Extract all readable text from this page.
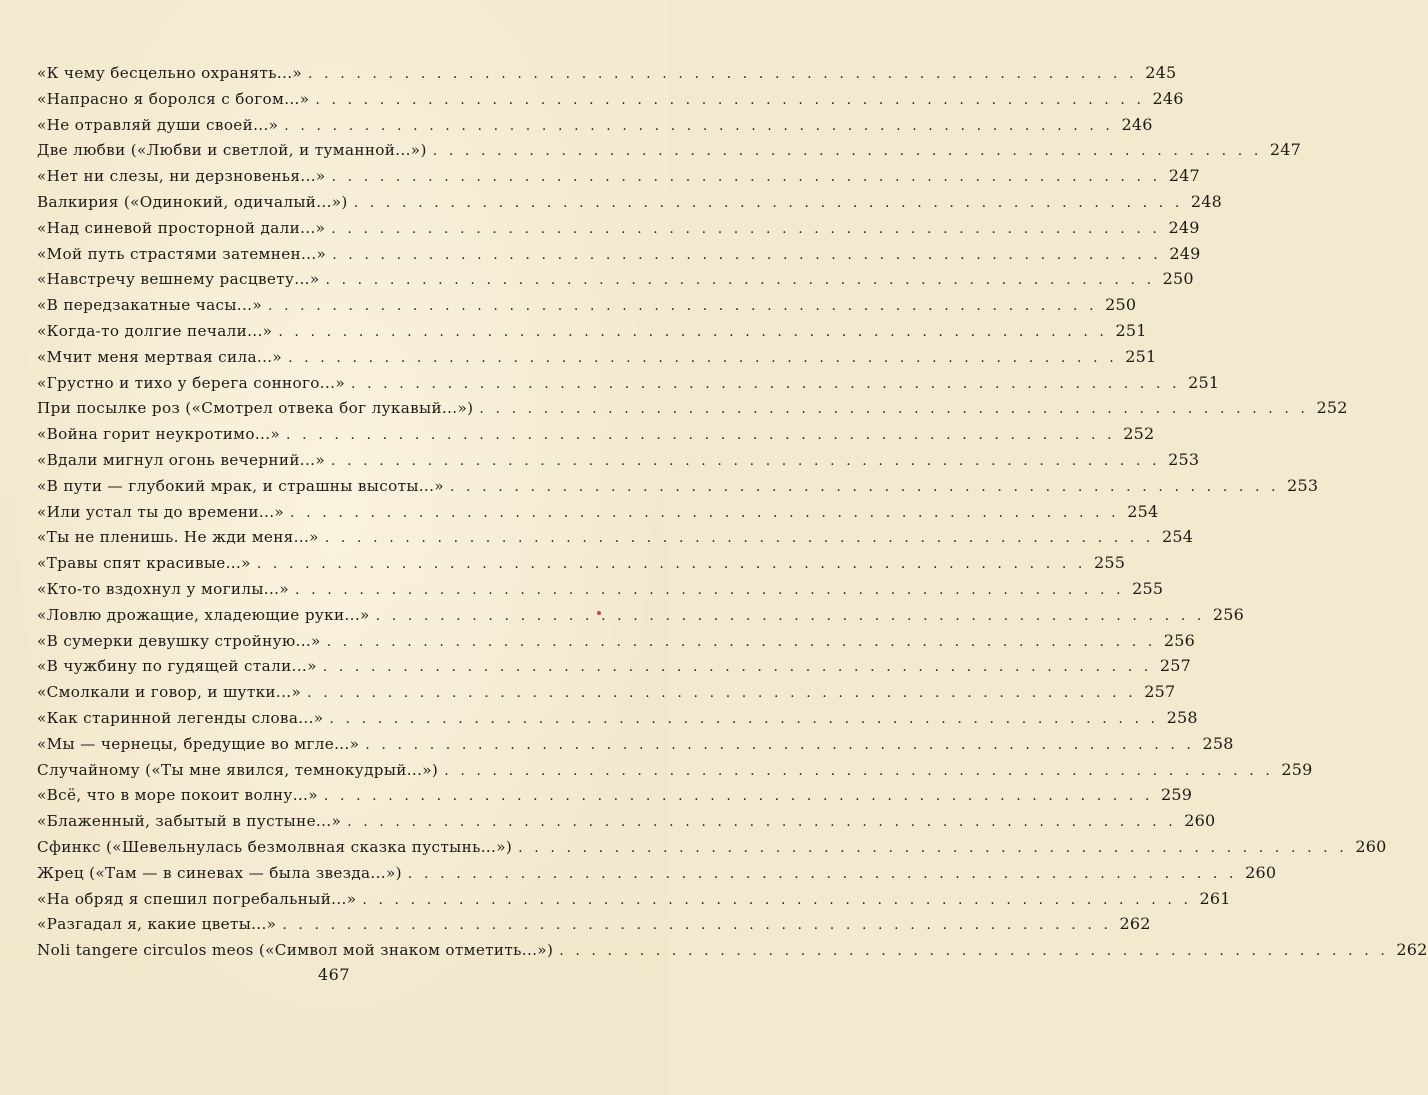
«К чему бесцельно охранять...» . . .	245
«Напрасно я боролся с богом...» . . .	246
«Не отравляй души своей...» . . .	246
Две любви («Любви и светлой, и туманной...») . . .	247
«Нет ни слезы, ни дерзновенья...» . . .	247
Валкирия («Одинокий, одичалый...») . . .	248
«Над синевой просторной дали...» . . .	249
«Мой путь страстями затемнен...» . . .	249
«Навстречу вешнему расцвету...» . . .	250
«В передзакатные часы...» . . .	250
«Когда-то долгие печали...» . . .	251
«Мчит меня мертвая сила...» . . .	251
«Грустно и тихо у берега сонного...» . . .	251
При посылке роз («Смотрел отвека бог лукавый...») . . .	252
«Война горит неукротимо...» . . .	252
«Вдали мигнул огонь вечерний...» . . .	253
«В пути — глубокий мрак, и страшны высоты...» . . .	253
«Или устал ты до времени...» . . .	254
«Ты не пленишь. Не жди меня...» . . .	254
«Травы спят красивые...» . . .	255
«Кто-то вздохнул у могилы...» . . .	255
«Ловлю дрожащие, хладеющие руки...» . . .	256
«В сумерки девушку стройную...» . . .	256
«В чужбину по гудящей стали...» . . .	257
«Смолкали и говор, и шутки...» . . .	257
«Как старинной легенды слова...» . . .	258
«Мы — чернецы, бредущие во мгле...» . . .	258
Случайному («Ты мне явился, темнокудрый...») . . .	259
«Всё, что в море покоит волну...» . . .	259
«Блаженный, забытый в пустыне...» . . .	260
Сфинкс («Шевельнулась безмолвная сказка пустынь...») . . .	260
Жрец («Там — в синевах — была звезда...») . . .	260
«На обряд я спешил погребальный...» . . .	261
«Разгадал я, какие цветы...» . . .	262
Noli tangere circulos meos («Символ мой знаком отметить...») . . .	262
467
